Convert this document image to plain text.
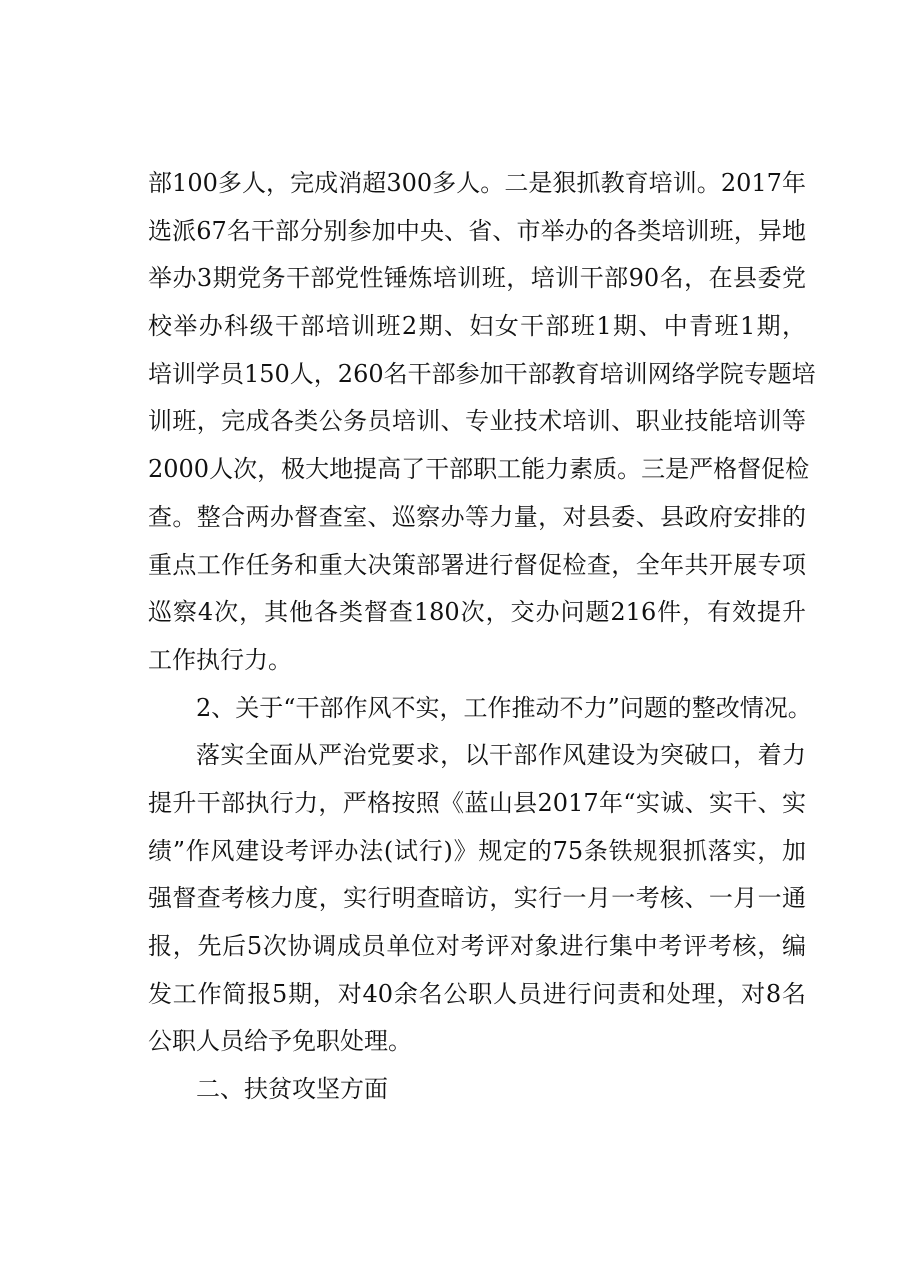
部100多人，完成消超300多人。二是狠抓教育培训。2017年
选派67名干部分别参加中央、省、市举办的各类培训班，异地
举办3期党务干部党性锤炼培训班，培训干部90名，在县委党
校举办科级干部培训班2期、妇女干部班1期、中青班1期，
培训学员150人，260名干部参加干部教育培训网络学院专题培
训班，完成各类公务员培训、专业技术培训、职业技能培训等
2000人次，极大地提高了干部职工能力素质。三是严格督促检
查。整合两办督查室、巡察办等力量，对县委、县政府安排的
重点工作任务和重大决策部署进行督促检查，全年共开展专项
巡察4次，其他各类督查180次，交办问题216件，有效提升
工作执行力。
2、关于“干部作风不实，工作推动不力”问题的整改情况。
落实全面从严治党要求，以干部作风建设为突破口，着力
提升干部执行力，严格按照《蓝山县2017年“实诚、实干、实
绩”作风建设考评办法(试行)》规定的75条铁规狠抓落实，加
强督查考核力度，实行明查暗访，实行一月一考核、一月一通
报，先后5次协调成员单位对考评对象进行集中考评考核，编
发工作简报5期，对40余名公职人员进行问责和处理，对8名
公职人员给予免职处理。
二、扶贫攻坚方面
